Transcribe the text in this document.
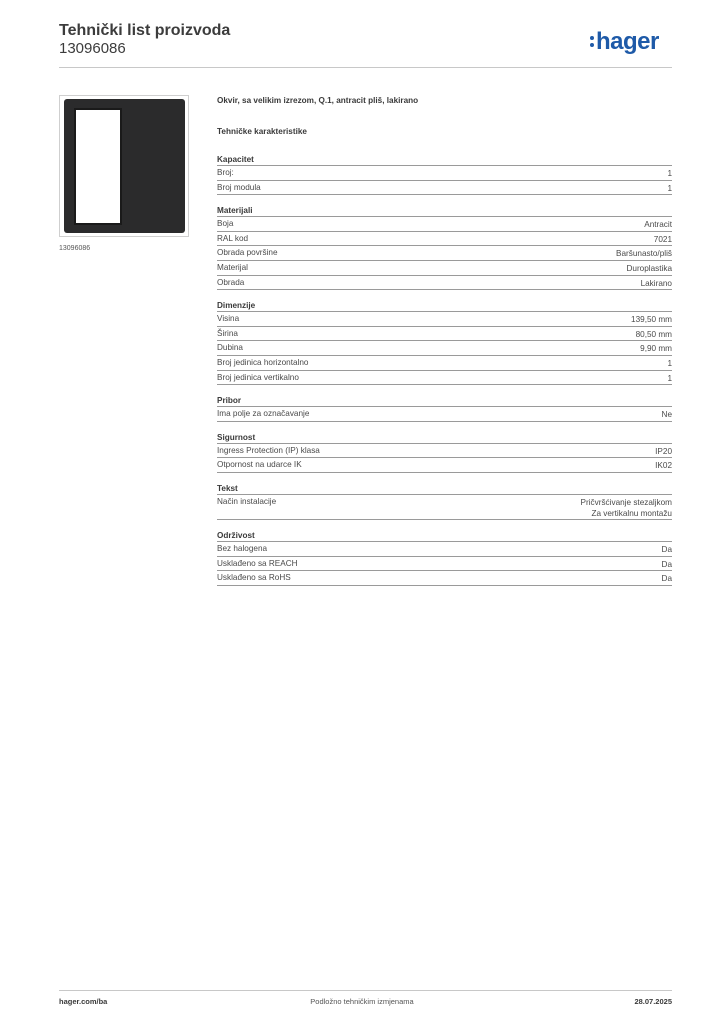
Tehnički list proizvoda
13096086	hager
13096086
Okvir, sa velikim izrezom, Q.1, antracit pliš, lakirano
Tehničke karakteristike
Kapacitet
Broj:	1
Broj modula	1
Materijali
Boja	Antracit
RAL kod	7021
Obrada površine	Baršunasto/pliš
Materijal	Duroplastika
Obrada	Lakirano
Dimenzije
Visina	139,50 mm
Širina	80,50 mm
Dubina	9,90 mm
Broj jedinica horizontalno	1
Broj jedinica vertikalno	1
Pribor
Ima polje za označavanje	Ne
Sigurnost
Ingress Protection (IP) klasa	IP20
Otpornost na udarce IK	IK02
Tekst
Način instalacije	Pričvršćivanje stezaljkom
Za vertikalnu montažu
Održivost
Bez halogena	Da
Usklađeno sa REACH	Da
Usklađeno sa RoHS	Da
hager.com/ba	Podložno tehničkim izmjenama	28.07.2025
